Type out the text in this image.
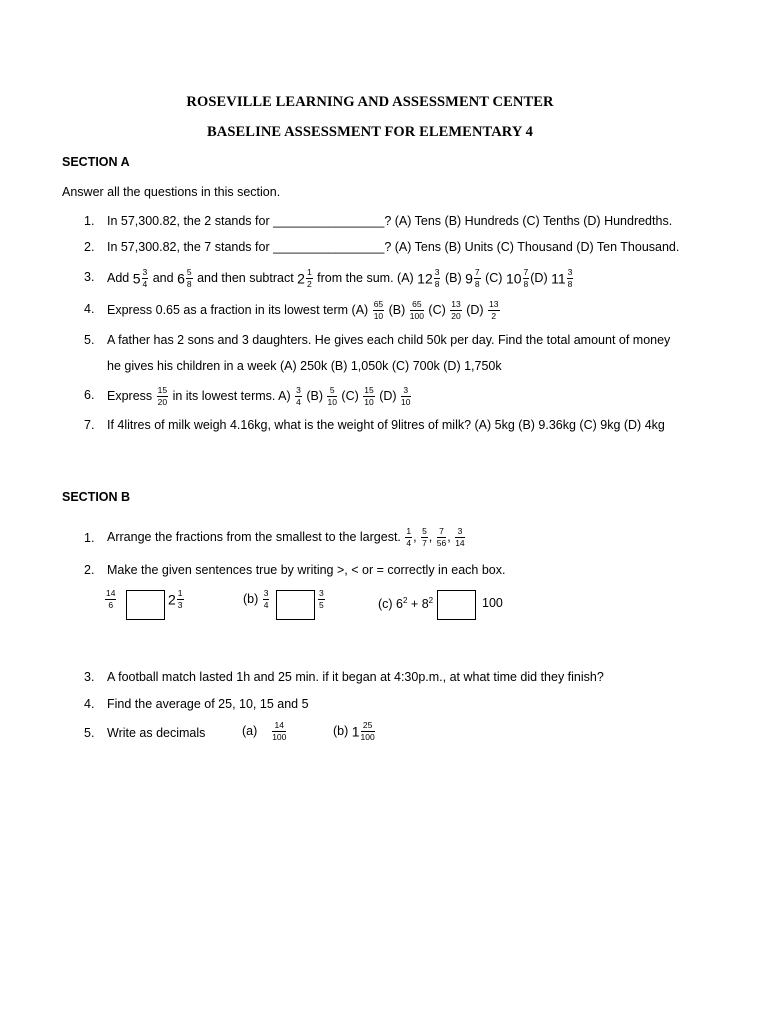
ROSEVILLE LEARNING AND ASSESSMENT CENTER
BASELINE ASSESSMENT FOR ELEMENTARY 4
SECTION A
Answer all the questions in this section.
1. In 57,300.82, the 2 stands for ________________? (A) Tens (B) Hundreds (C) Tenths (D) Hundredths.
2. In 57,300.82, the 7 stands for ________________? (A) Tens (B) Units (C) Thousand (D) Ten Thousand.
3. Add $5 \frac{3}{4}$ and $6 \frac{5}{8}$ and then subtract $2 \frac{1}{2}$ from the sum. (A) $12 \frac{3}{8} (B)$ $9 \frac{7}{8} (C)$ $10 \frac{7}{8} (D)$ $11 \frac{3}{8}$
4. Express 0.65 as a fraction in its lowest term $(A) \frac{65}{10} (B) \frac{65}{100} (C) \frac{13}{20} (D) \frac{13}{2}$
5. A father has 2 sons and 3 daughters. He gives each child 50k per day. Find the total amount of money
he gives his children in a week (A) 250k (B) 1,050k (C) 700k (D) 1,750k
6. Express $\frac{15}{20}$ in its lowest terms. $A) \frac{3}{4} (B) \frac{5}{10} (C) \frac{15}{10} (D) \frac{3}{10}$
7. If 4litres of milk weigh 4.16kg, what is the weight of 9litres of milk? (A) 5kg (B) 9.36kg (C) 9kg (D) 4kg
SECTION B
1. Arrange the fractions from the smallest to the largest. $\frac{1}{4}$ , $\frac{5}{7}$ , $\frac{7}{56}$ , $\frac{3}{14}$
2. Make the given sentences true by writing >, < or = correctly in each box.
$\frac{14}{6}$	$2 \frac{1}{3}$	$(b) \frac{3}{4}$	$\frac{3}{5}$	(c) $6^2 + 8^2$	100
3. A football match lasted 1h and 25 min. if it began at 4:30p.m., at what time did they finish?
4. Find the average of 25, 10, 15 and 5
5. Write as decimals	$(a) \frac{14}{100}$	(b) $1 \frac{25}{100}$
